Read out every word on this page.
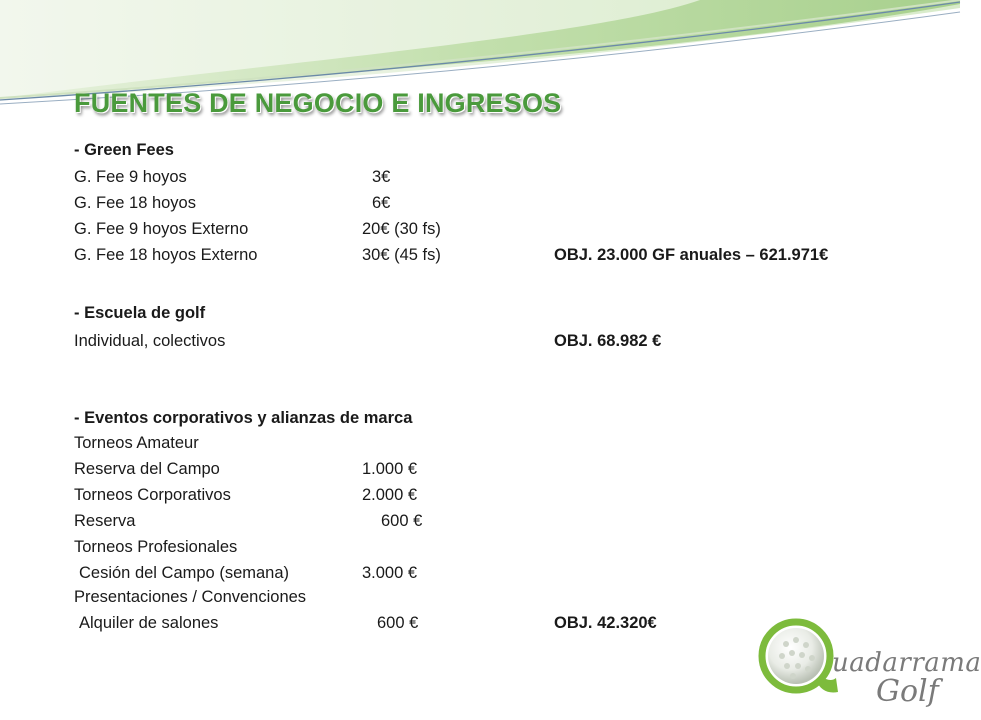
FUENTES DE NEGOCIO E INGRESOS
- Green Fees
G. Fee 9 hoyos	3€
G. Fee 18 hoyos	6€
G. Fee 9 hoyos Externo	20€ (30 fs)
G. Fee 18 hoyos Externo	30€ (45 fs)	OBJ. 23.000 GF anuales – 621.971€
- Escuela de golf
Individual, colectivos	OBJ. 68.982 €
- Eventos corporativos y alianzas de marca
Torneos Amateur
Reserva del Campo	1.000 €
Torneos Corporativos	2.000 €
Reserva	600 €
Torneos Profesionales
Cesión del Campo (semana)	3.000 €
Presentaciones / Convenciones
Alquiler de salones	600 €	OBJ. 42.320€
uadarrama
Golf
